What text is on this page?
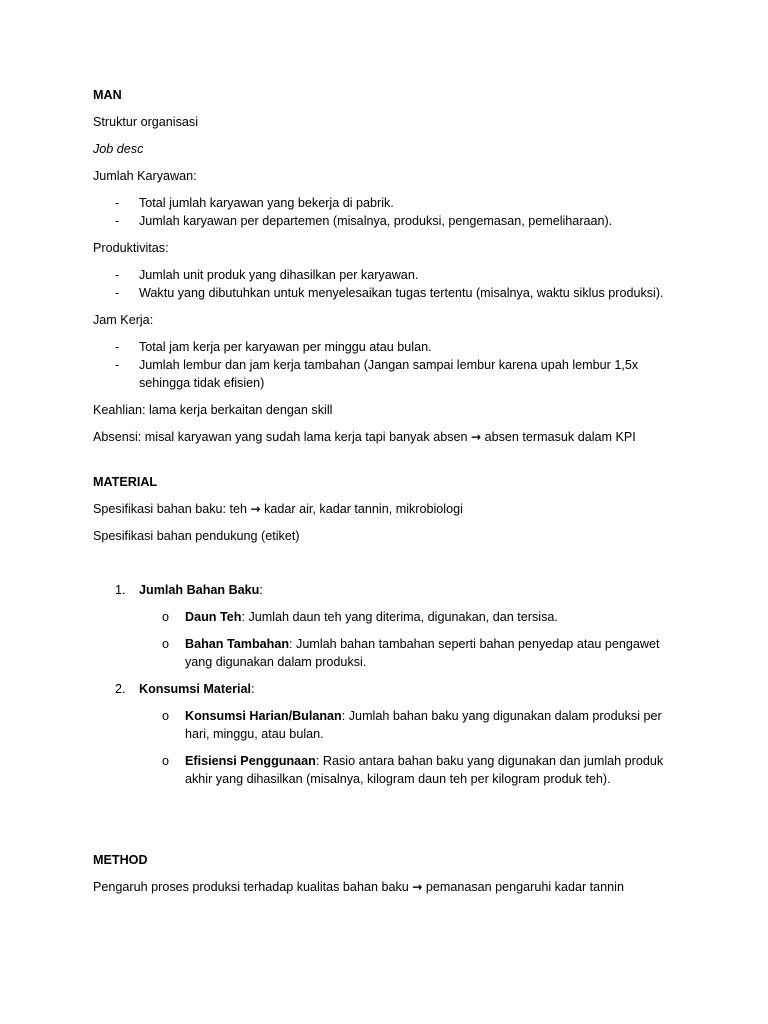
MAN

Struktur organisasi

Job desc

Jumlah Karyawan:

- Total jumlah karyawan yang bekerja di pabrik.
- Jumlah karyawan per departemen (misalnya, produksi, pengemasan, pemeliharaan).

Produktivitas:

- Jumlah unit produk yang dihasilkan per karyawan.
- Waktu yang dibutuhkan untuk menyelesaikan tugas tertentu (misalnya, waktu siklus produksi).

Jam Kerja:

- Total jam kerja per karyawan per minggu atau bulan.
- Jumlah lembur dan jam kerja tambahan (Jangan sampai lembur karena upah lembur 1,5x sehingga tidak efisien)

Keahlian: lama kerja berkaitan dengan skill

Absensi: misal karyawan yang sudah lama kerja tapi banyak absen → absen termasuk dalam KPI

MATERIAL

Spesifikasi bahan baku: teh → kadar air, kadar tannin, mikrobiologi

Spesifikasi bahan pendukung (etiket)

1. Jumlah Bahan Baku:
o Daun Teh: Jumlah daun teh yang diterima, digunakan, dan tersisa.
o Bahan Tambahan: Jumlah bahan tambahan seperti bahan penyedap atau pengawet yang digunakan dalam produksi.
2. Konsumsi Material:
o Konsumsi Harian/Bulanan: Jumlah bahan baku yang digunakan dalam produksi per hari, minggu, atau bulan.
o Efisiensi Penggunaan: Rasio antara bahan baku yang digunakan dan jumlah produk akhir yang dihasilkan (misalnya, kilogram daun teh per kilogram produk teh).

METHOD

Pengaruh proses produksi terhadap kualitas bahan baku → pemanasan pengaruhi kadar tannin
